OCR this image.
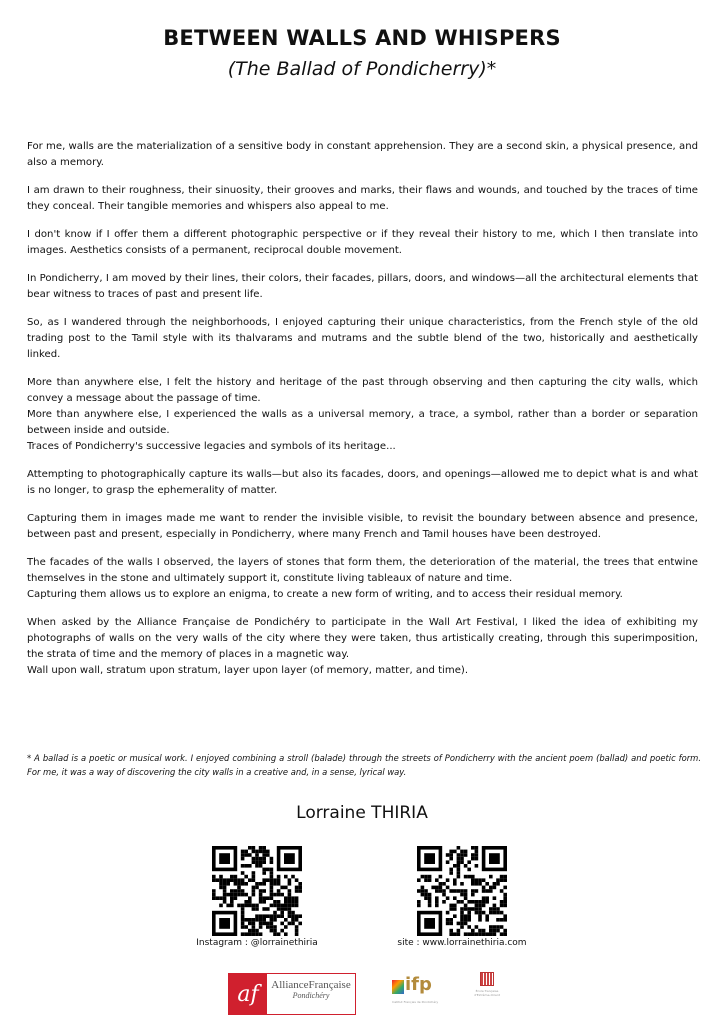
BETWEEN WALLS AND WHISPERS
(The Ballad of Pondicherry)*

For me, walls are the materialization of a sensitive body in constant apprehension. They are a second skin, a physical presence, and also a memory.

I am drawn to their roughness, their sinuosity, their grooves and marks, their flaws and wounds, and touched by the traces of time they conceal. Their tangible memories and whispers also appeal to me.

I don't know if I offer them a different photographic perspective or if they reveal their history to me, which I then translate into images. Aesthetics consists of a permanent, reciprocal double movement.

In Pondicherry, I am moved by their lines, their colors, their facades, pillars, doors, and windows—all the architectural elements that bear witness to traces of past and present life.

So, as I wandered through the neighborhoods, I enjoyed capturing their unique characteristics, from the French style of the old trading post to the Tamil style with its thalvarams and mutrams and the subtle blend of the two, historically and aesthetically linked.

More than anywhere else, I felt the history and heritage of the past through observing and then capturing the city walls, which convey a message about the passage of time.
More than anywhere else, I experienced the walls as a universal memory, a trace, a symbol, rather than a border or separation between inside and outside.
Traces of Pondicherry's successive legacies and symbols of its heritage...

Attempting to photographically capture its walls—but also its facades, doors, and openings—allowed me to depict what is and what is no longer, to grasp the ephemerality of matter.

Capturing them in images made me want to render the invisible visible, to revisit the boundary between absence and presence, between past and present, especially in Pondicherry, where many French and Tamil houses have been destroyed.

The facades of the walls I observed, the layers of stones that form them, the deterioration of the material, the trees that entwine themselves in the stone and ultimately support it, constitute living tableaux of nature and time.
Capturing them allows us to explore an enigma, to create a new form of writing, and to access their residual memory.

When asked by the Alliance Française de Pondichéry to participate in the Wall Art Festival, I liked the idea of exhibiting my photographs of walls on the very walls of the city where they were taken, thus artistically creating, through this superimposition, the strata of time and the memory of places in a magnetic way.
Wall upon wall, stratum upon stratum, layer upon layer (of memory, matter, and time).

* A ballad is a poetic or musical work. I enjoyed combining a stroll (balade) through the streets of Pondicherry with the ancient poem (ballad) and poetic form. For me, it was a way of discovering the city walls in a creative and, in a sense, lyrical way.
Lorraine THIRIA
Instagram : @lorrainethiria	site : www.lorrainethiria.com
af	AllianceFrançaise
Pondichéry
ifp
Institut Français de Pondichéry
École française d'Extrême-Orient
